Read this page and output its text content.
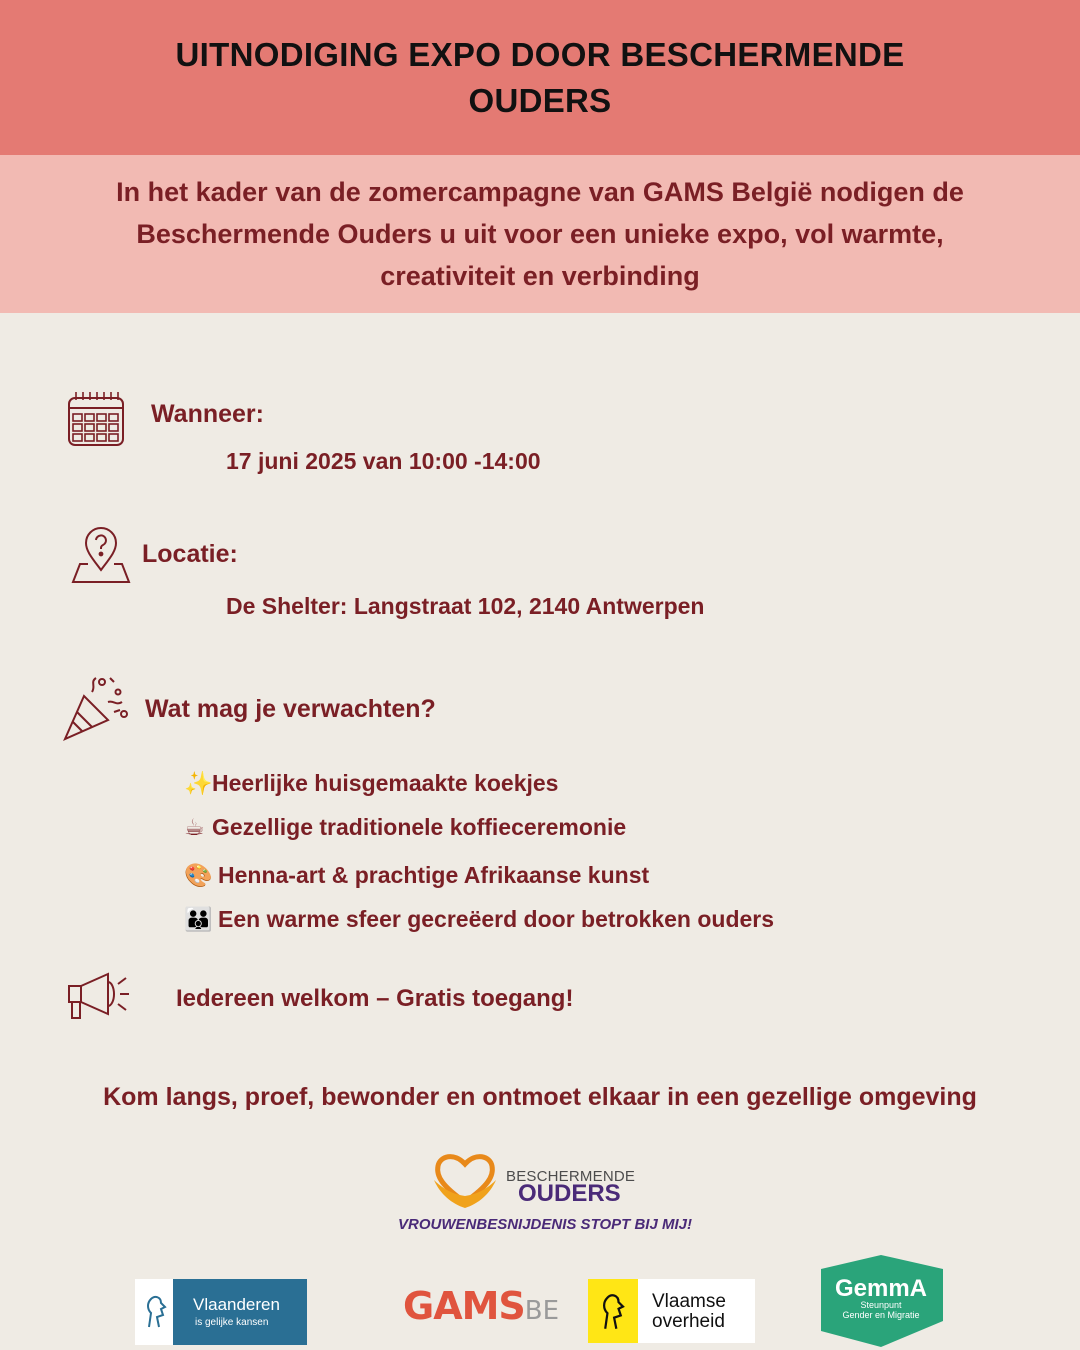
UITNODIGING EXPO DOOR BESCHERMENDE OUDERS

In het kader van de zomercampagne van GAMS België nodigen de Beschermende Ouders u uit voor een unieke expo, vol warmte, creativiteit en verbinding

Wanneer:
17 juni 2025 van 10:00 -14:00
Locatie:
De Shelter: Langstraat 102, 2140 Antwerpen
Wat mag je verwachten?
✨Heerlijke huisgemaakte koekjes
☕ Gezellige traditionele koffieceremonie
🎨 Henna-art & prachtige Afrikaanse kunst
👪 Een warme sfeer gecreëerd door betrokken ouders
Iedereen welkom – Gratis toegang!
Kom langs, proef, bewonder en ontmoet elkaar in een gezellige omgeving
BESCHERMENDE
OUDERS
VROUWENBESNIJDENIS STOPT BIJ MIJ!
Vlaanderen
is gelijke kansen	GAMS BE	Vlaamse
overheid
GemmA
Steunpunt
Gender en Migratie
